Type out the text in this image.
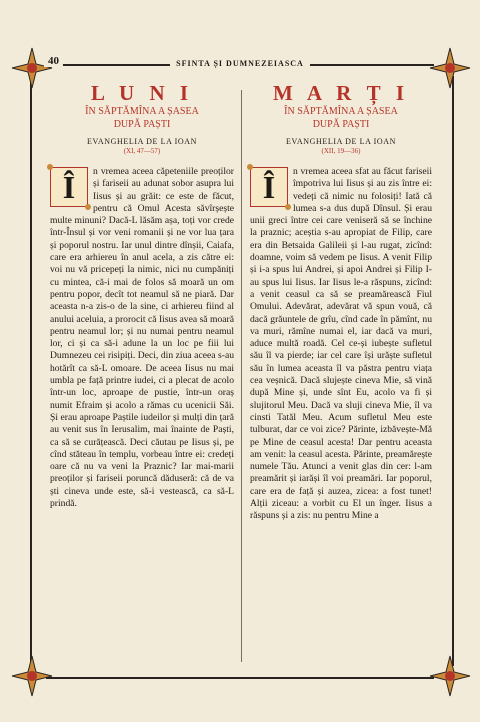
40	SFINTA ȘI DUMNEZEIASCA
L U N I
ÎN SĂPTĂMÎNA A ȘASEA
DUPĂ PAȘTI
EVANGHELIA DE LA IOAN
(XI, 47—57)
Î	n vremea aceea căpeteniile preoților și fariseii au adunat sobor asupra lui Iisus și au grăit: ce este de făcut, pentru că Omul Acesta săvîrșește multe minuni? Dacă-L lăsăm așa, toți vor crede într-Însul și vor veni romanii și ne vor lua țara și poporul nostru. Iar unul dintre dînșii, Caiafa, care era arhiereu în anul acela, a zis către ei: voi nu vă pricepeți la nimic, nici nu cumpăniți cu mintea, că-i mai de folos să moară un om pentru popor, decît tot neamul să ne piară. Dar aceasta n-a zis-o de la sine, ci arhiereu fiind al anului aceluia, a prorocit că Iisus avea să moară pentru neamul lor; și nu numai pentru neamul lor, ci și ca să-i adune la un loc pe fiii lui Dumnezeu cei risipiți. Deci, din ziua aceea s-au hotărît ca să-L omoare. De aceea Iisus nu mai umbla pe față printre iudei, ci a plecat de acolo într-un loc, aproape de pustie, într-un oraș numit Efraim și acolo a rămas cu ucenicii Săi. Și erau aproape Paștile iudeilor și mulți din țară au venit sus în Ierusalim, mai înainte de Paști, ca să se curățească. Deci căutau pe Iisus și, pe cînd stăteau în templu, vorbeau între ei: credeți oare că nu va veni la Praznic? Iar mai-marii preoților și fariseii poruncă dăduseră: că de va ști cineva unde este, să-i vestească, ca să-L prindă.

M A R Ț I
ÎN SĂPTĂMÎNA A ȘASEA
DUPĂ PAȘTI
EVANGHELIA DE LA IOAN
(XII, 19—36)
Î	n vremea aceea sfat au făcut fariseii împotriva lui Iisus și au zis între ei: vedeți că nimic nu folosiți! Iată că lumea s-a dus după Dînsul. Și erau unii greci între cei care veniseră să se închine la praznic; aceștia s-au apropiat de Filip, care era din Betsaida Galileii și l-au rugat, zicînd: doamne, voim să vedem pe Iisus. A venit Filip și i-a spus lui Andrei, și apoi Andrei și Filip I-au spus lui Iisus. Iar Iisus le-a răspuns, zicînd: a venit ceasul ca să se preamărească Fiul Omului. Adevărat, adevărat vă spun vouă, că dacă grăuntele de grîu, cînd cade în pămînt, nu va muri, rămîne numai el, iar dacă va muri, aduce multă roadă. Cel ce-și iubește sufletul său îl va pierde; iar cel care își urăște sufletul său în lumea aceasta îl va păstra pentru viața cea veșnică. Dacă slujește cineva Mie, să vină după Mine și, unde sînt Eu, acolo va fi și slujitorul Meu. Dacă va sluji cineva Mie, îl va cinsti Tatăl Meu. Acum sufletul Meu este tulburat, dar ce voi zice? Părinte, izbăvește-Mă pe Mine de ceasul acesta! Dar pentru aceasta am venit: la ceasul acesta. Părinte, preamărește numele Tău. Atunci a venit glas din cer: l-am preamărit și iarăși îl voi preamări. Iar poporul, care era de față și auzea, zicea: a fost tunet! Alții ziceau: a vorbit cu El un înger. Iisus a răspuns și a zis: nu pentru Mine a
